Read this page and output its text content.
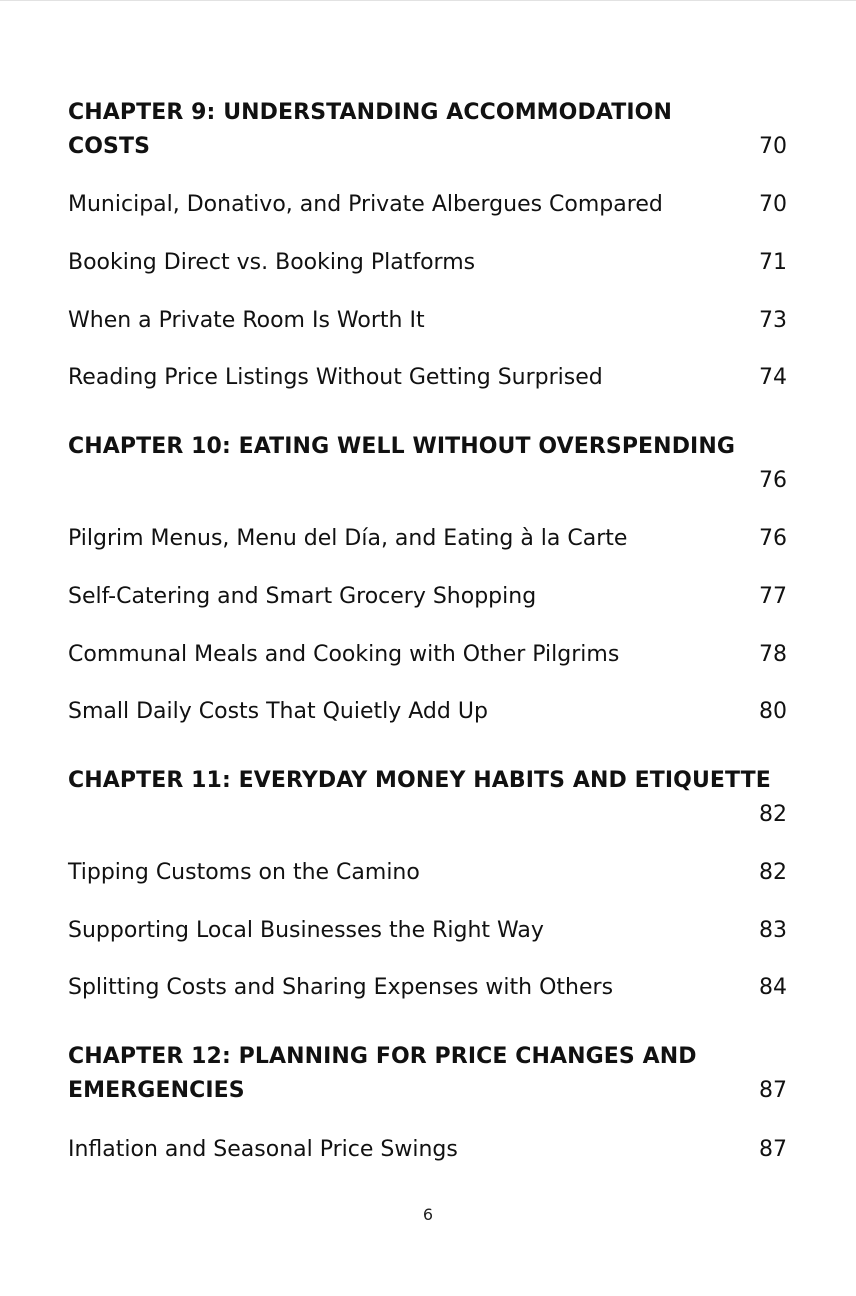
CHAPTER 9: UNDERSTANDING ACCOMMODATION
COSTS	70
Municipal, Donativo, and Private Albergues Compared	70
Booking Direct vs. Booking Platforms	71
When a Private Room Is Worth It	73
Reading Price Listings Without Getting Surprised	74
CHAPTER 10: EATING WELL WITHOUT OVERSPENDING
76
Pilgrim Menus, Menu del Día, and Eating à la Carte	76
Self-Catering and Smart Grocery Shopping	77
Communal Meals and Cooking with Other Pilgrims	78
Small Daily Costs That Quietly Add Up	80
CHAPTER 11: EVERYDAY MONEY HABITS AND ETIQUETTE
82
Tipping Customs on the Camino	82
Supporting Local Businesses the Right Way	83
Splitting Costs and Sharing Expenses with Others	84
CHAPTER 12: PLANNING FOR PRICE CHANGES AND
EMERGENCIES	87
Inflation and Seasonal Price Swings	87
6
